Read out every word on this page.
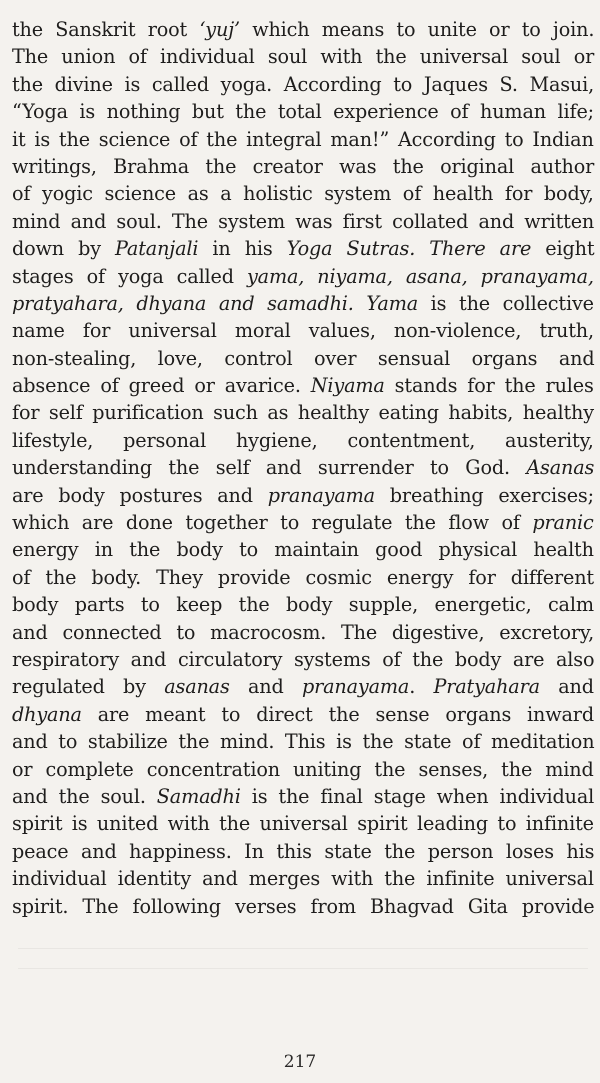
the Sanskrit root ‘yuj’ which means to unite or to join.
The union of individual soul with the universal soul or
the divine is called yoga. According to Jaques S. Masui,
“Yoga is nothing but the total experience of human life;
it is the science of the integral man!” According to Indian
writings, Brahma the creator was the original author
of yogic science as a holistic system of health for body,
mind and soul. The system was first collated and written
down by Patanjali in his Yoga Sutras. There are eight
stages of yoga called yama, niyama, asana, pranayama,
pratyahara, dhyana and samadhi. Yama is the collective
name for universal moral values, non-violence, truth,
non-stealing, love, control over sensual organs and
absence of greed or avarice. Niyama stands for the rules
for self purification such as healthy eating habits, healthy
lifestyle, personal hygiene, contentment, austerity,
understanding the self and surrender to God. Asanas
are body postures and pranayama breathing exercises;
which are done together to regulate the flow of pranic
energy in the body to maintain good physical health
of the body. They provide cosmic energy for different
body parts to keep the body supple, energetic, calm
and connected to macrocosm. The digestive, excretory,
respiratory and circulatory systems of the body are also
regulated by asanas and pranayama. Pratyahara and
dhyana are meant to direct the sense organs inward
and to stabilize the mind. This is the state of meditation
or complete concentration uniting the senses, the mind
and the soul. Samadhi is the final stage when individual
spirit is united with the universal spirit leading to infinite
peace and happiness. In this state the person loses his
individual identity and merges with the infinite universal
spirit. The following verses from Bhagvad Gita provide
217
